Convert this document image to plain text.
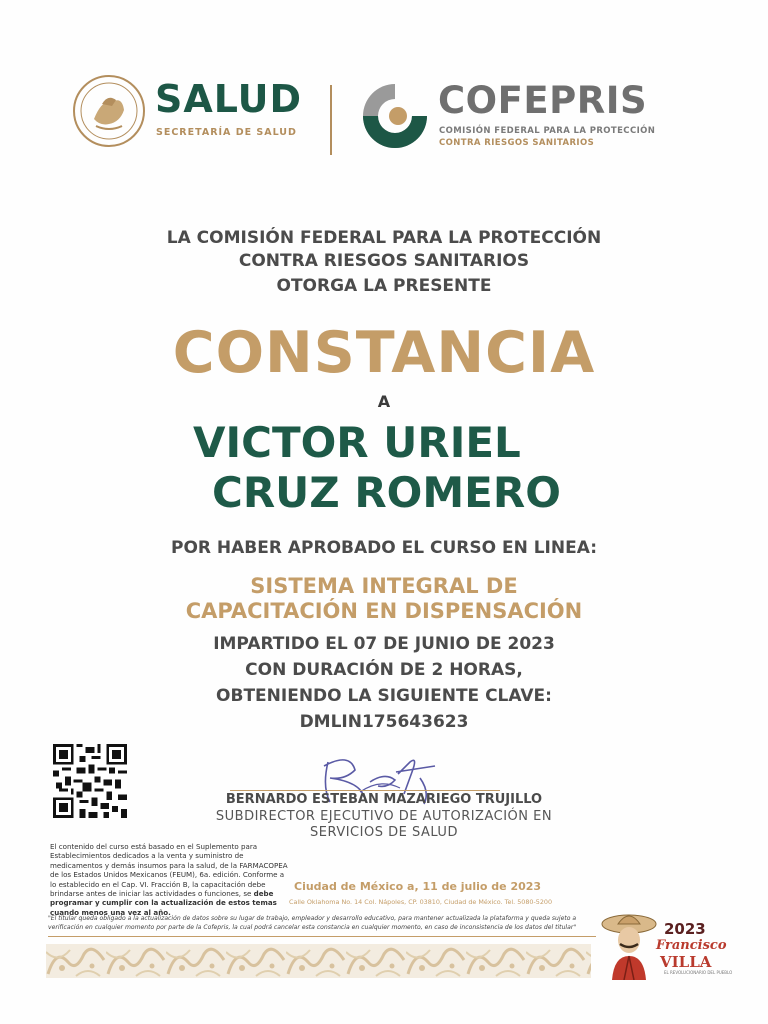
SALUD
SECRETARÍA DE SALUD
COFEPRIS
COMISIÓN FEDERAL PARA LA PROTECCIÓN
CONTRA RIESGOS SANITARIOS
LA COMISIÓN FEDERAL PARA LA PROTECCIÓN
CONTRA RIESGOS SANITARIOS
OTORGA LA PRESENTE
CONSTANCIA
A
VICTOR URIEL
CRUZ ROMERO
POR HABER APROBADO EL CURSO EN LINEA:
SISTEMA INTEGRAL DE
CAPACITACIÓN EN DISPENSACIÓN
IMPARTIDO EL 07 DE JUNIO DE 2023
CON DURACIÓN DE 2 HORAS,
OBTENIENDO LA SIGUIENTE CLAVE:
DMLIN175643623
BERNARDO ESTEBAN MAZARIEGO TRUJILLO
SUBDIRECTOR EJECUTIVO DE AUTORIZACIÓN EN
SERVICIOS DE SALUD
El contenido del curso está basado en el Suplemento para Establecimientos dedicados a la venta y suministro de medicamentos y demás insumos para la salud, de la FARMACOPEA de los Estados Unidos Mexicanos (FEUM), 6a. edición. Conforme a lo establecido en el Cap. VI. Fracción B, la capacitación debe brindarse antes de iniciar las actividades o funciones, se debe programar y cumplir con la actualización de estos temas cuando menos una vez al año.
Ciudad de México a, 11 de julio de 2023
Calle Oklahoma No. 14 Col. Nápoles, CP. 03810, Ciudad de México. Tel. 5080-5200
"El titular queda obligado a la actualización de datos sobre su lugar de trabajo, empleador y desarrollo educativo, para mantener actualizada la plataforma y queda sujeto a
verificación en cualquier momento por parte de la Cofepris, la cual podrá cancelar esta constancia en cualquier momento, en caso de inconsistencia de los datos del titular"	2023
Francisco
VILLA
EL REVOLUCIONARIO DEL PUEBLO
